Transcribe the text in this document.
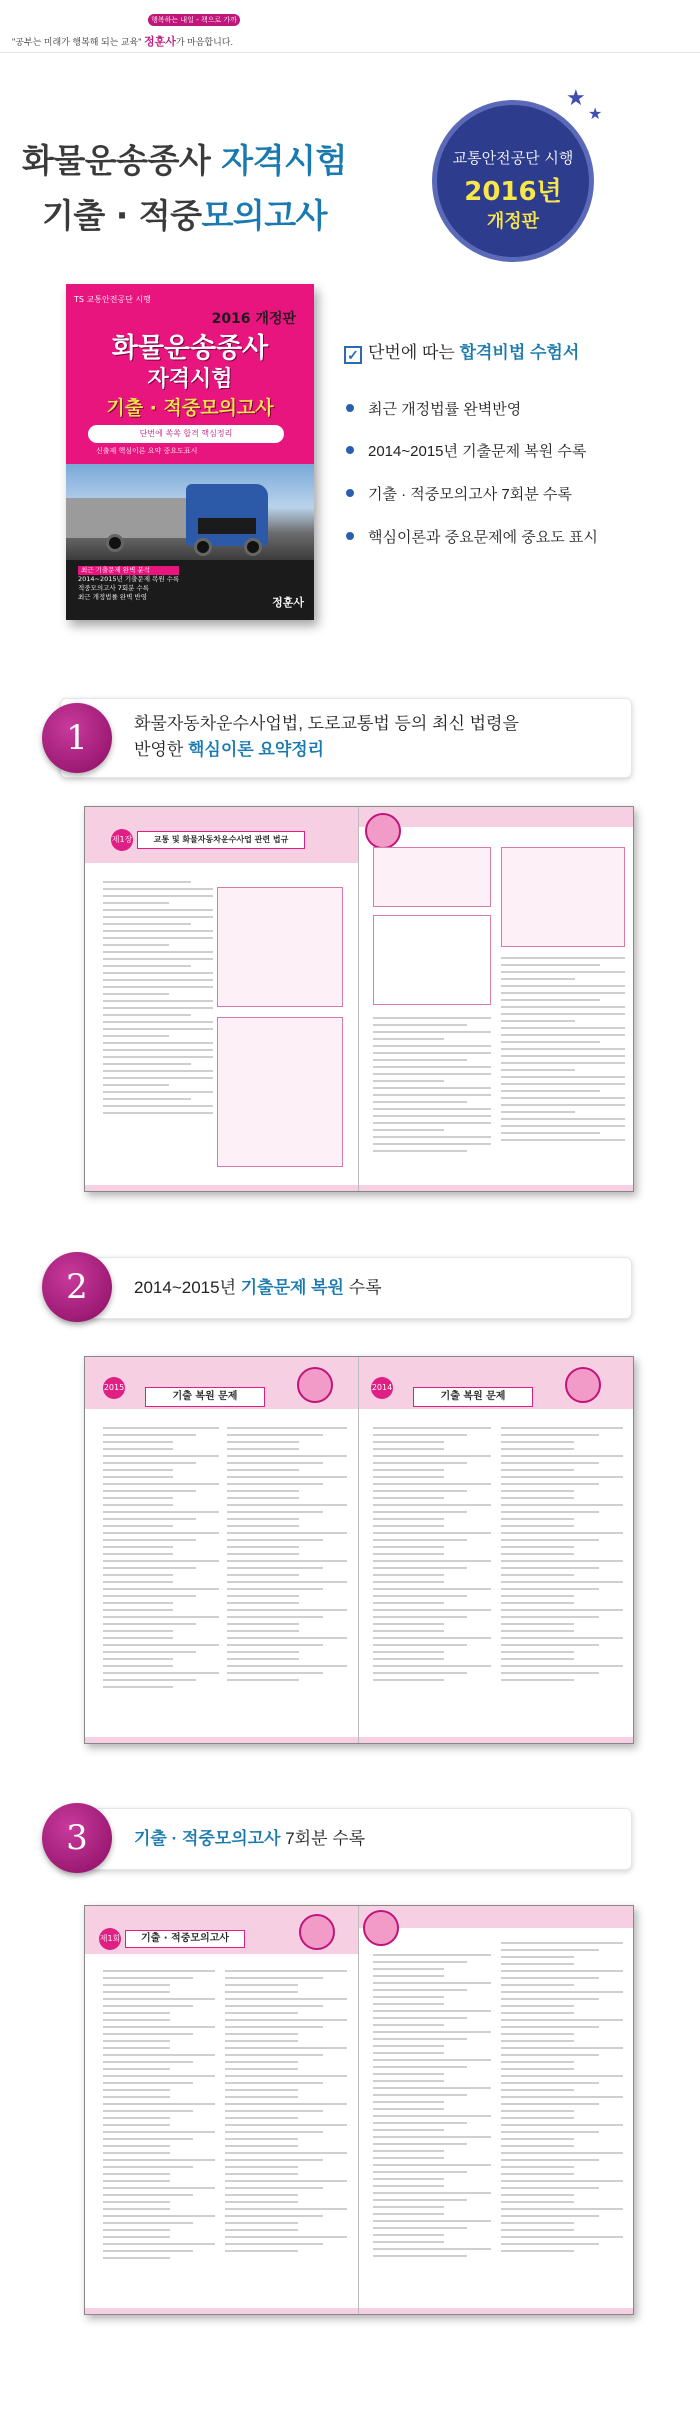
행복하는 내일 - 책으로 가까이
"공부는 미래가 행복해 되는 교육" 정훈사가 마음합니다.
화물운송종사 자격시험
기출 · 적중모의고사
교통안전공단 시행
2016년
개정판
★
★
TS 교통안전공단 시행
2016 개정판
화물운송종사
자격시험
기출 · 적중모의고사
단번에 쏙쏙 합격 핵심정리
신출제 핵심이론 요약 중요도표시
최근 기출문제 완벽 분석
2014~2015년 기출문제 복원 수록
적중모의고사 7회분 수록
최근 개정법률 완벽 반영	정훈사
✓ 단번에 따는 합격비법 수험서
최근 개정법률 완벽반영
2014~2015년 기출문제 복원 수록
기출 · 적중모의고사 7회분 수록
핵심이론과 중요문제에 중요도 표시
1	화물자동차운수사업법, 도로교통법 등의 최신 법령을
반영한 핵심이론 요약정리
제1장	교통 및 화물자동차운수사업 관련 법규
2	2014~2015년 기출문제 복원 수록
2015
기출 복원 문제
2014
기출 복원 문제
3	기출 · 적중모의고사 7회분 수록
제1회	기출 · 적중모의고사
